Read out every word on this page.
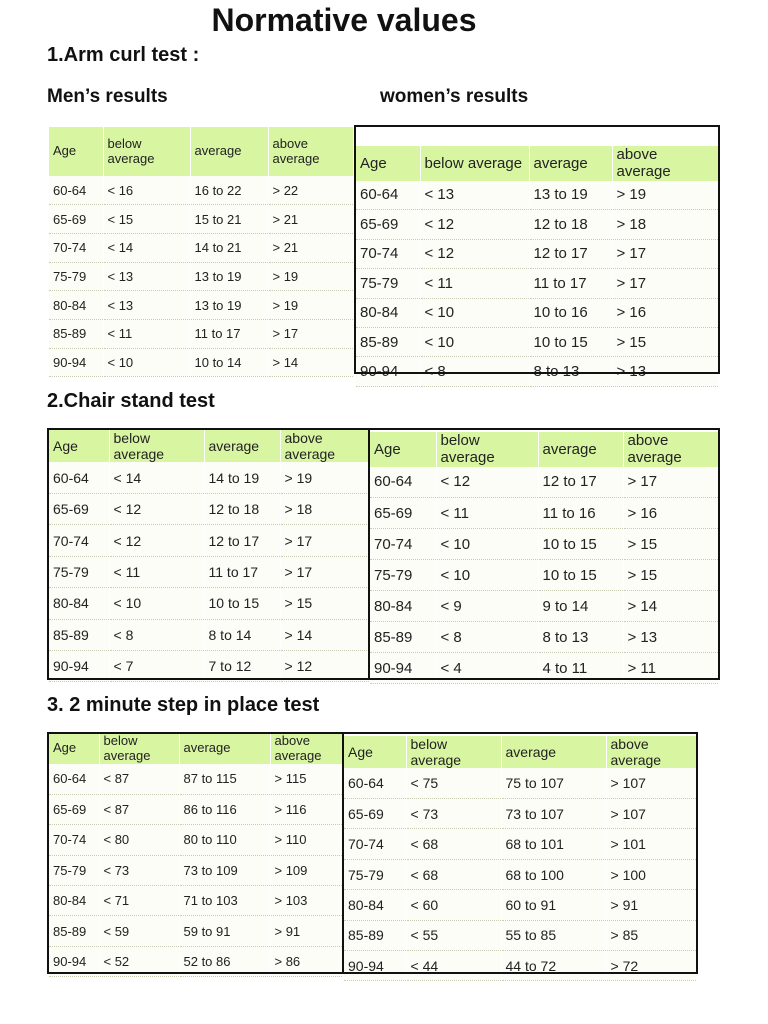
Normative values
1.Arm curl test :
Men’s results	women’s results
Age	below average	average	above average
60-64	< 16	16 to 22	> 22
65-69	< 15	15 to 21	> 21
70-74	< 14	14 to 21	> 21
75-79	< 13	13 to 19	> 19
80-84	< 13	13 to 19	> 19
85-89	< 11	11 to 17	> 17
90-94	< 10	10 to 14	> 14
Age	below average	average	above average
60-64	< 13	13 to 19	> 19
65-69	< 12	12 to 18	> 18
70-74	< 12	12 to 17	> 17
75-79	< 11	11 to 17	> 17
80-84	< 10	10 to 16	> 16
85-89	< 10	10 to 15	> 15
90-94	< 8	8 to 13	> 13
2.Chair stand test
Age	below average	average	above average
60-64	< 14	14 to 19	> 19
65-69	< 12	12 to 18	> 18
70-74	< 12	12 to 17	> 17
75-79	< 11	11 to 17	> 17
80-84	< 10	10 to 15	> 15
85-89	< 8	8 to 14	> 14
90-94	< 7	7 to 12	> 12
Age	below average	average	above average
60-64	< 12	12 to 17	> 17
65-69	< 11	11 to 16	> 16
70-74	< 10	10 to 15	> 15
75-79	< 10	10 to 15	> 15
80-84	< 9	9 to 14	> 14
85-89	< 8	8 to 13	> 13
90-94	< 4	4 to 11	> 11
3. 2 minute step in place test
Age	below average	average	above average
60-64	< 87	87 to 115	> 115
65-69	< 87	86 to 116	> 116
70-74	< 80	80 to 110	> 110
75-79	< 73	73 to 109	> 109
80-84	< 71	71 to 103	> 103
85-89	< 59	59 to 91	> 91
90-94	< 52	52 to 86	> 86
Age	below average	average	above average
60-64	< 75	75 to 107	> 107
65-69	< 73	73 to 107	> 107
70-74	< 68	68 to 101	> 101
75-79	< 68	68 to 100	> 100
80-84	< 60	60 to 91	> 91
85-89	< 55	55 to 85	> 85
90-94	< 44	44 to 72	> 72
